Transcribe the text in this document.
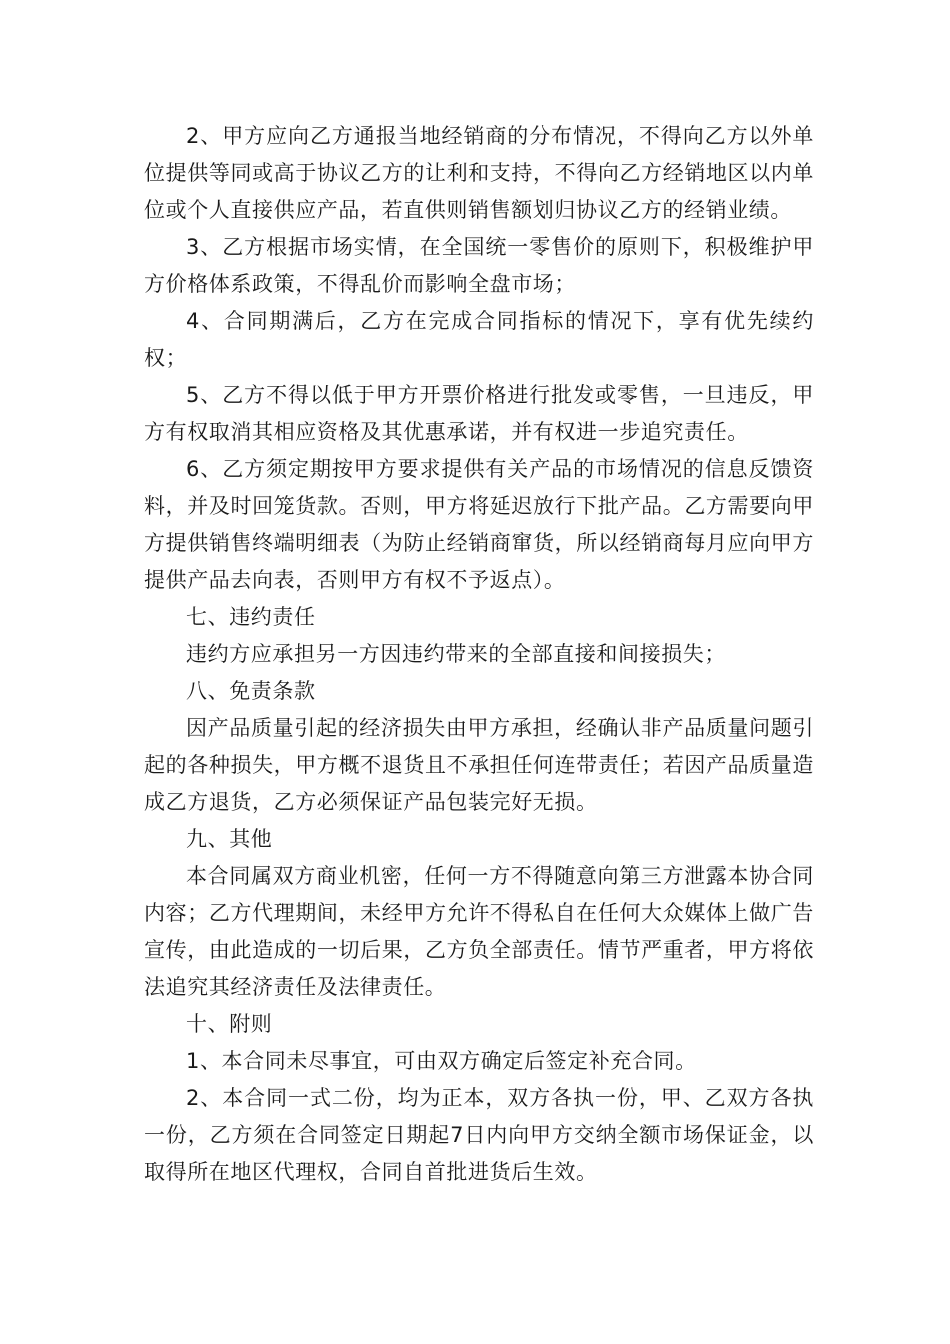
2、甲方应向乙方通报当地经销商的分布情况，不得向乙方以外单位提供等同或高于协议乙方的让利和支持，不得向乙方经销地区以内单位或个人直接供应产品，若直供则销售额划归协议乙方的经销业绩。

3、乙方根据市场实情，在全国统一零售价的原则下，积极维护甲方价格体系政策，不得乱价而影响全盘市场；

4、合同期满后，乙方在完成合同指标的情况下，享有优先续约权；

5、乙方不得以低于甲方开票价格进行批发或零售，一旦违反，甲方有权取消其相应资格及其优惠承诺，并有权进一步追究责任。

6、乙方须定期按甲方要求提供有关产品的市场情况的信息反馈资料，并及时回笼货款。否则，甲方将延迟放行下批产品。乙方需要向甲方提供销售终端明细表（为防止经销商窜货，所以经销商每月应向甲方提供产品去向表，否则甲方有权不予返点）。

七、违约责任

违约方应承担另一方因违约带来的全部直接和间接损失；

八、免责条款

因产品质量引起的经济损失由甲方承担，经确认非产品质量问题引起的各种损失，甲方概不退货且不承担任何连带责任；若因产品质量造成乙方退货，乙方必须保证产品包装完好无损。

九、其他

本合同属双方商业机密，任何一方不得随意向第三方泄露本协合同内容；乙方代理期间，未经甲方允许不得私自在任何大众媒体上做广告宣传，由此造成的一切后果，乙方负全部责任。情节严重者，甲方将依法追究其经济责任及法律责任。

十、附则

1、本合同未尽事宜，可由双方确定后签定补充合同。

2、本合同一式二份，均为正本，双方各执一份，甲、乙双方各执一份，乙方须在合同签定日期起7日内向甲方交纳全额市场保证金，以取得所在地区代理权，合同自首批进货后生效。
